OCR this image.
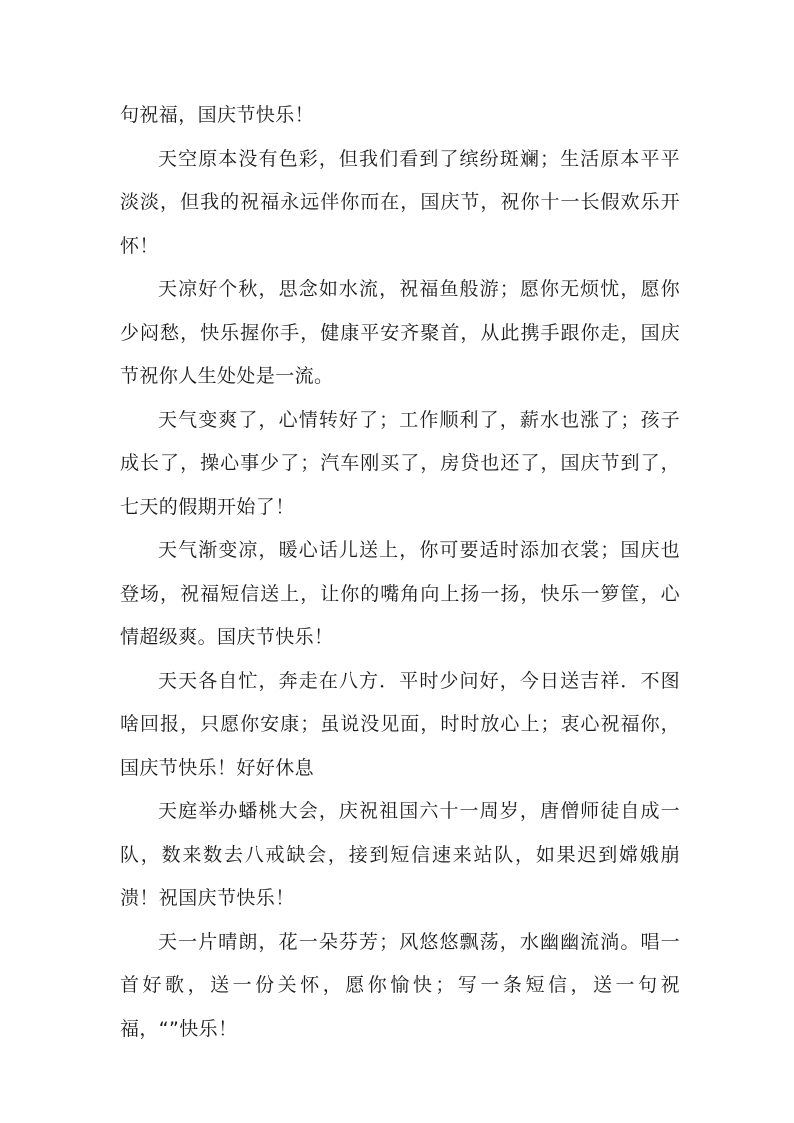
句祝福，国庆节快乐！

天空原本没有色彩，但我们看到了缤纷斑斓；生活原本平平淡淡，但我的祝福永远伴你而在，国庆节，祝你十一长假欢乐开怀！

天凉好个秋，思念如水流，祝福鱼般游；愿你无烦忧，愿你少闷愁，快乐握你手，健康平安齐聚首，从此携手跟你走，国庆节祝你人生处处是一流。

天气变爽了，心情转好了；工作顺利了，薪水也涨了；孩子成长了，操心事少了；汽车刚买了，房贷也还了，国庆节到了，七天的假期开始了！

天气渐变凉，暖心话儿送上，你可要适时添加衣裳；国庆也登场，祝福短信送上，让你的嘴角向上扬一扬，快乐一箩筐，心情超级爽。国庆节快乐！

天天各自忙，奔走在八方．平时少问好，今日送吉祥．不图啥回报，只愿你安康；虽说没见面，时时放心上；衷心祝福你，国庆节快乐！好好休息

天庭举办蟠桃大会，庆祝祖国六十一周岁，唐僧师徒自成一队，数来数去八戒缺会，接到短信速来站队，如果迟到嫦娥崩溃！祝国庆节快乐！

天一片晴朗，花一朵芬芳；风悠悠飘荡，水幽幽流淌。唱一首好歌，送一份关怀，愿你愉快；写一条短信，送一句祝福，“”快乐！
